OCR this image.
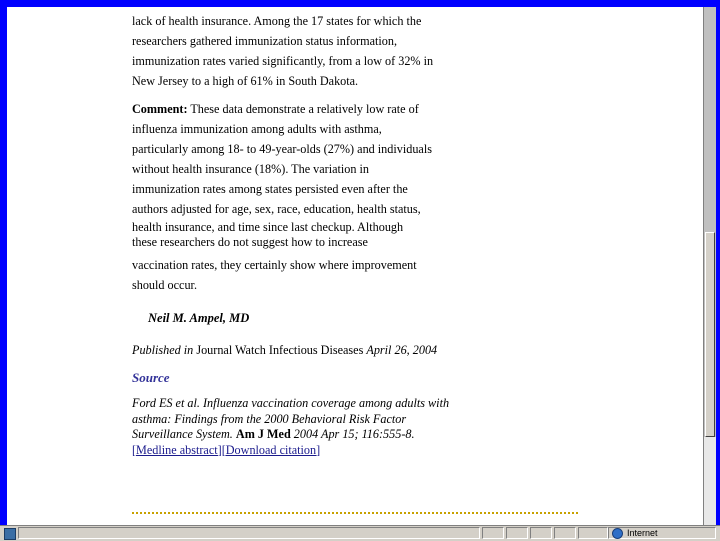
lack of health insurance. Among the 17 states for which the
researchers gathered immunization status information,
immunization rates varied significantly, from a low of 32% in
New Jersey to a high of 61% in South Dakota.
Comment: These data demonstrate a relatively low rate of
influenza immunization among adults with asthma,
particularly among 18- to 49-year-olds (27%) and individuals
without health insurance (18%). The variation in
immunization rates among states persisted even after the
authors adjusted for age, sex, race, education, health status,
health insurance, and time since last checkup. Although
these researchers do not suggest how to increase
vaccination rates, they certainly show where improvement
should occur.
Neil M. Ampel, MD
Published in Journal Watch Infectious Diseases April 26, 2004
Source
Ford ES et al. Influenza vaccination coverage among adults with asthma: Findings from the 2000 Behavioral Risk Factor Surveillance System. Am J Med 2004 Apr 15; 116:555-8.
[Medline abstract][Download citation]
Internet
